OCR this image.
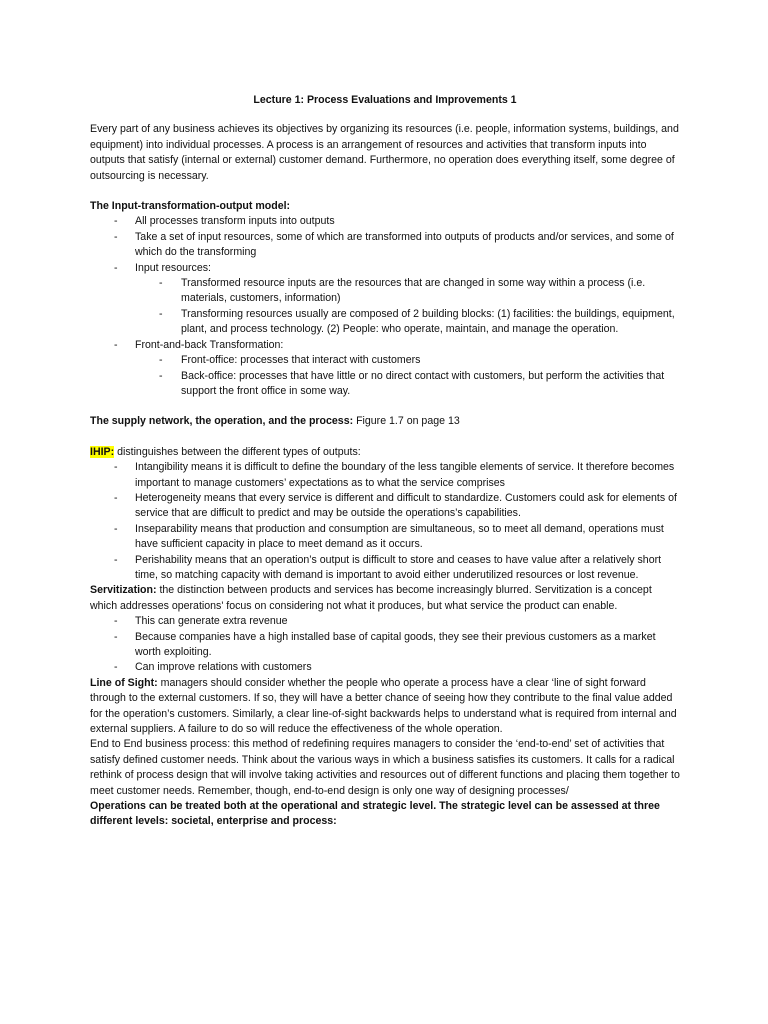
Lecture 1: Process Evaluations and Improvements 1

Every part of any business achieves its objectives by organizing its resources (i.e. people, information systems, buildings, and equipment) into individual processes. A process is an arrangement of resources and activities that transform inputs into outputs that satisfy (internal or external) customer demand. Furthermore, no operation does everything itself, some degree of outsourcing is necessary.

The Input-transformation-output model:

- All processes transform inputs into outputs
- Take a set of input resources, some of which are transformed into outputs of products and/or services, and some of which do the transforming
- Input resources:
- Transformed resource inputs are the resources that are changed in some way within a process (i.e. materials, customers, information)
- Transforming resources usually are composed of 2 building blocks: (1) facilities: the buildings, equipment, plant, and process technology. (2) People: who operate, maintain, and manage the operation.
- Front-and-back Transformation:
- Front-office: processes that interact with customers
- Back-office: processes that have little or no direct contact with customers, but perform the activities that support the front office in some way.

The supply network, the operation, and the process: Figure 1.7 on page 13

IHIP: distinguishes between the different types of outputs:

- Intangibility means it is difficult to define the boundary of the less tangible elements of service. It therefore becomes important to manage customers’ expectations as to what the service comprises
- Heterogeneity means that every service is different and difficult to standardize. Customers could ask for elements of service that are difficult to predict and may be outside the operations’s capabilities.
- Inseparability means that production and consumption are simultaneous, so to meet all demand, operations must have sufficient capacity in place to meet demand as it occurs.
- Perishability means that an operation’s output is difficult to store and ceases to have value after a relatively short time, so matching capacity with demand is important to avoid either underutilized resources or lost revenue.

Servitization: the distinction between products and services has become increasingly blurred. Servitization is a concept which addresses operations' focus on considering not what it produces, but what service the product can enable.

- This can generate extra revenue
- Because companies have a high installed base of capital goods, they see their previous customers as a market worth exploiting.
- Can improve relations with customers

Line of Sight: managers should consider whether the people who operate a process have a clear ‘line of sight forward through to the external customers. If so, they will have a better chance of seeing how they contribute to the final value added for the operation’s customers. Similarly, a clear line-of-sight backwards helps to understand what is required from internal and external suppliers. A failure to do so will reduce the effectiveness of the whole operation.

End to End business process: this method of redefining requires managers to consider the ‘end-to-end’ set of activities that satisfy defined customer needs. Think about the various ways in which a business satisfies its customers. It calls for a radical rethink of process design that will involve taking activities and resources out of different functions and placing them together to meet customer needs. Remember, though, end-to-end design is only one way of designing processes/

Operations can be treated both at the operational and strategic level. The strategic level can be assessed at three different levels: societal, enterprise and process:
